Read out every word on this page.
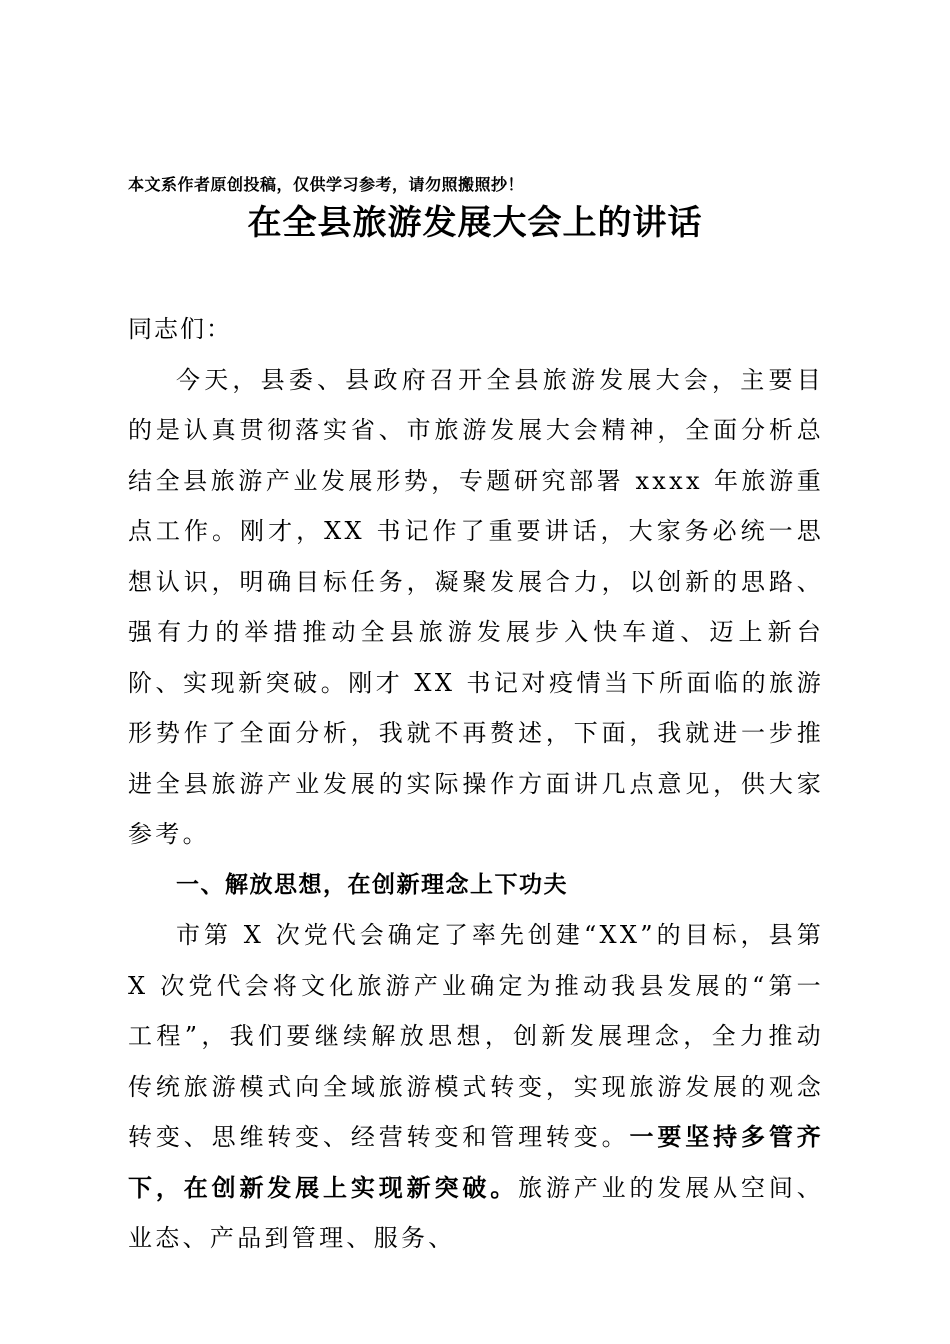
本文系作者原创投稿，仅供学习参考，请勿照搬照抄！
在全县旅游发展大会上的讲话

同志们：

今天，县委、县政府召开全县旅游发展大会，主要目的是认真贯彻落实省、市旅游发展大会精神，全面分析总结全县旅游产业发展形势，专题研究部署 xxxx 年旅游重点工作。刚才，XX 书记作了重要讲话，大家务必统一思想认识，明确目标任务，凝聚发展合力，以创新的思路、强有力的举措推动全县旅游发展步入快车道、迈上新台阶、实现新突破。刚才 XX 书记对疫情当下所面临的旅游形势作了全面分析，我就不再赘述，下面，我就进一步推进全县旅游产业发展的实际操作方面讲几点意见，供大家参考。

一、解放思想，在创新理念上下功夫

市第 X 次党代会确定了率先创建“XX”的目标，县第 X 次党代会将文化旅游产业确定为推动我县发展的“第一工程”，我们要继续解放思想，创新发展理念，全力推动传统旅游模式向全域旅游模式转变，实现旅游发展的观念转变、思维转变、经营转变和管理转变。一要坚持多管齐下，在创新发展上实现新突破。旅游产业的发展从空间、业态、产品到管理、服务、
